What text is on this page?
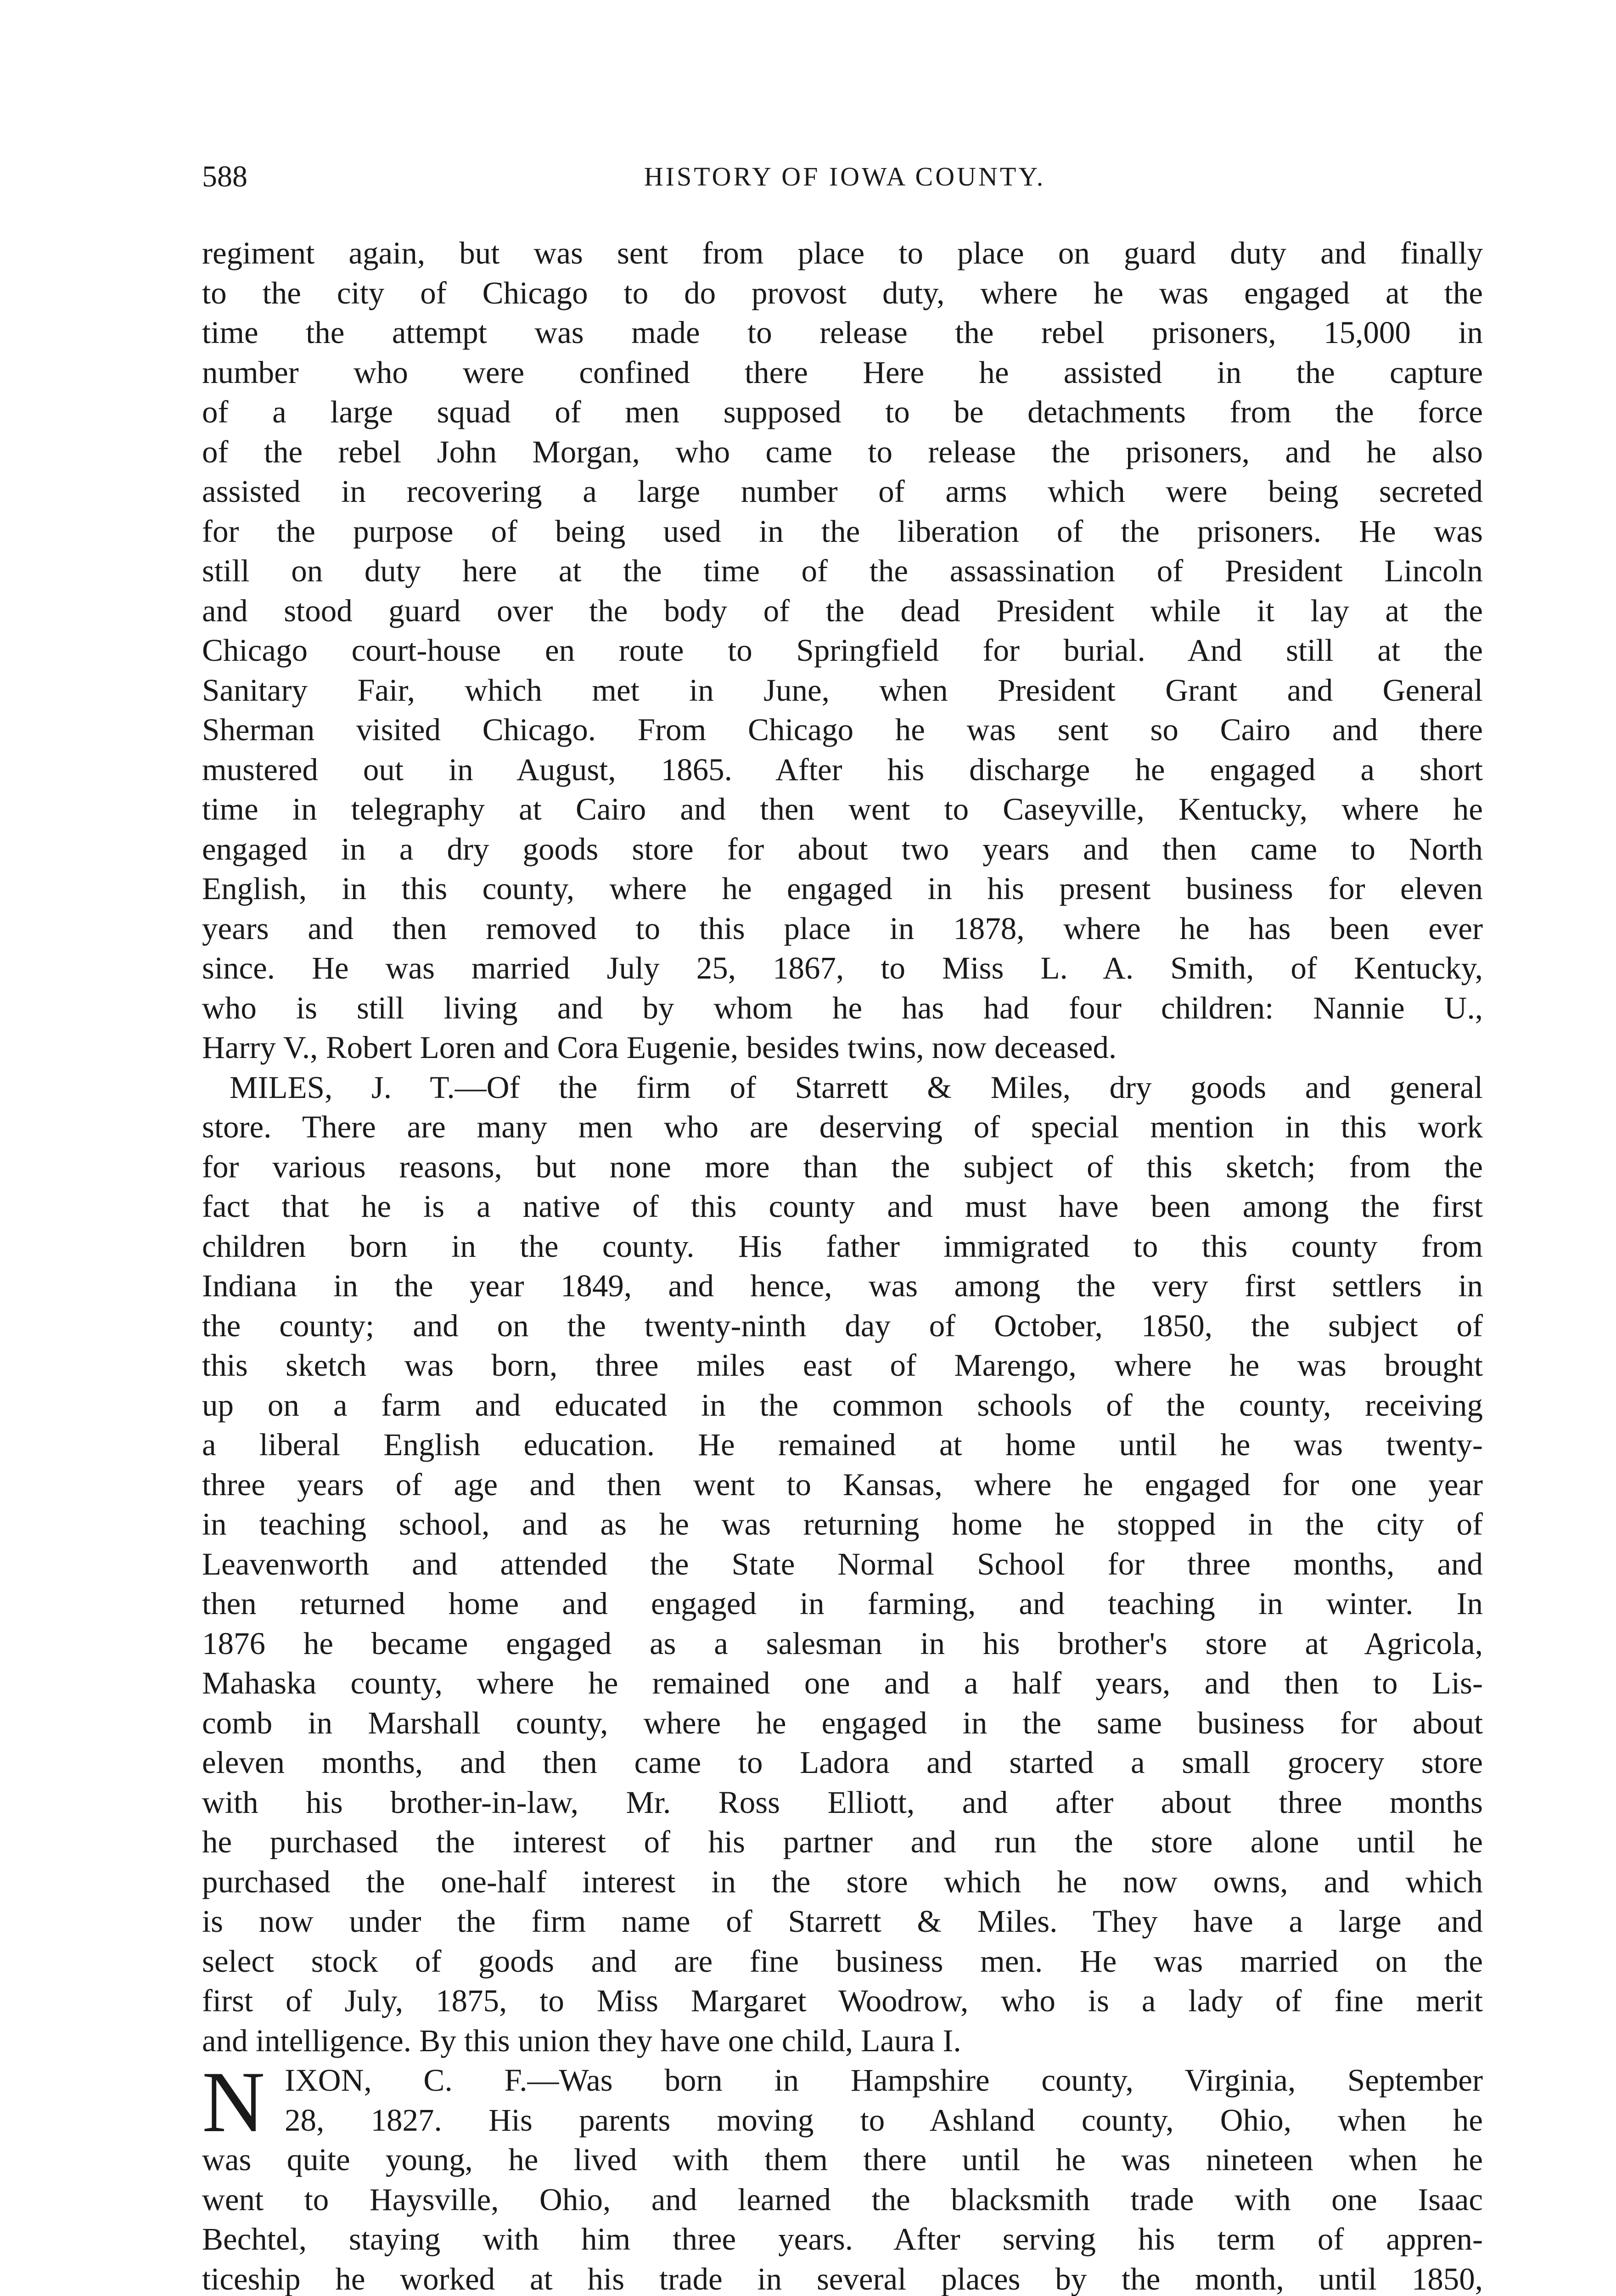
588	HISTORY OF IOWA COUNTY.
regiment again, but was sent from place to place on guard duty and finally
to the city of Chicago to do provost duty, where he was engaged at the
time the attempt was made to release the rebel prisoners, 15,000 in
number who were confined there Here he assisted in the capture
of a large squad of men supposed to be detachments from the force
of the rebel John Morgan, who came to release the prisoners, and he also
assisted in recovering a large number of arms which were being secreted
for the purpose of being used in the liberation of the prisoners. He was
still on duty here at the time of the assassination of President Lincoln
and stood guard over the body of the dead President while it lay at the
Chicago court-house en route to Springfield for burial. And still at the
Sanitary Fair, which met in June, when President Grant and General
Sherman visited Chicago. From Chicago he was sent so Cairo and there
mustered out in August, 1865. After his discharge he engaged a short
time in telegraphy at Cairo and then went to Caseyville, Kentucky, where he
engaged in a dry goods store for about two years and then came to North
English, in this county, where he engaged in his present business for eleven
years and then removed to this place in 1878, where he has been ever
since. He was married July 25, 1867, to Miss L. A. Smith, of Kentucky,
who is still living and by whom he has had four children: Nannie U.,
Harry V., Robert Loren and Cora Eugenie, besides twins, now deceased.
MILES, J. T.—Of the firm of Starrett & Miles, dry goods and general
store. There are many men who are deserving of special mention in this work
for various reasons, but none more than the subject of this sketch; from the
fact that he is a native of this county and must have been among the first
children born in the county. His father immigrated to this county from
Indiana in the year 1849, and hence, was among the very first settlers in
the county; and on the twenty-ninth day of October, 1850, the subject of
this sketch was born, three miles east of Marengo, where he was brought
up on a farm and educated in the common schools of the county, receiving
a liberal English education. He remained at home until he was twenty-
three years of age and then went to Kansas, where he engaged for one year
in teaching school, and as he was returning home he stopped in the city of
Leavenworth and attended the State Normal School for three months, and
then returned home and engaged in farming, and teaching in winter. In
1876 he became engaged as a salesman in his brother's store at Agricola,
Mahaska county, where he remained one and a half years, and then to Lis-
comb in Marshall county, where he engaged in the same business for about
eleven months, and then came to Ladora and started a small grocery store
with his brother-in-law, Mr. Ross Elliott, and after about three months
he purchased the interest of his partner and run the store alone until he
purchased the one-half interest in the store which he now owns, and which
is now under the firm name of Starrett & Miles. They have a large and
select stock of goods and are fine business men. He was married on the
first of July, 1875, to Miss Margaret Woodrow, who is a lady of fine merit
and intelligence. By this union they have one child, Laura I.
N IXON, C. F.—Was born in Hampshire county, Virginia, September
28, 1827. His parents moving to Ashland county, Ohio, when he
was quite young, he lived with them there until he was nineteen when he
went to Haysville, Ohio, and learned the blacksmith trade with one Isaac
Bechtel, staying with him three years. After serving his term of appren-
ticeship he worked at his trade in several places by the month, until 1850,
